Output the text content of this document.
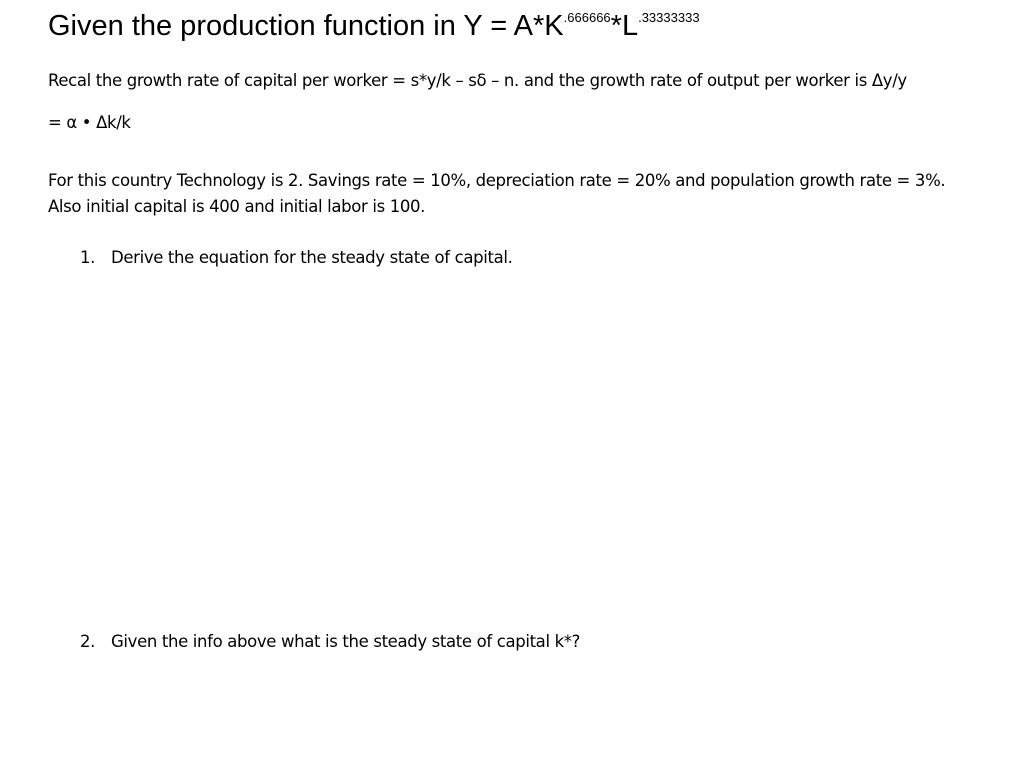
Given the production function in $Y = A*K^{.666666}*L^{.33333333}$
Recal the growth rate of capital per worker = s*y/k – sδ – n. and the growth rate of output per worker is Δy/y
= α • Δk/k
For this country Technology is 2. Savings rate = 10%, depreciation rate = 20% and population growth rate = 3%.
Also initial capital is 400 and initial labor is 100.
1. Derive the equation for the steady state of capital.
2. Given the info above what is the steady state of capital k*?
